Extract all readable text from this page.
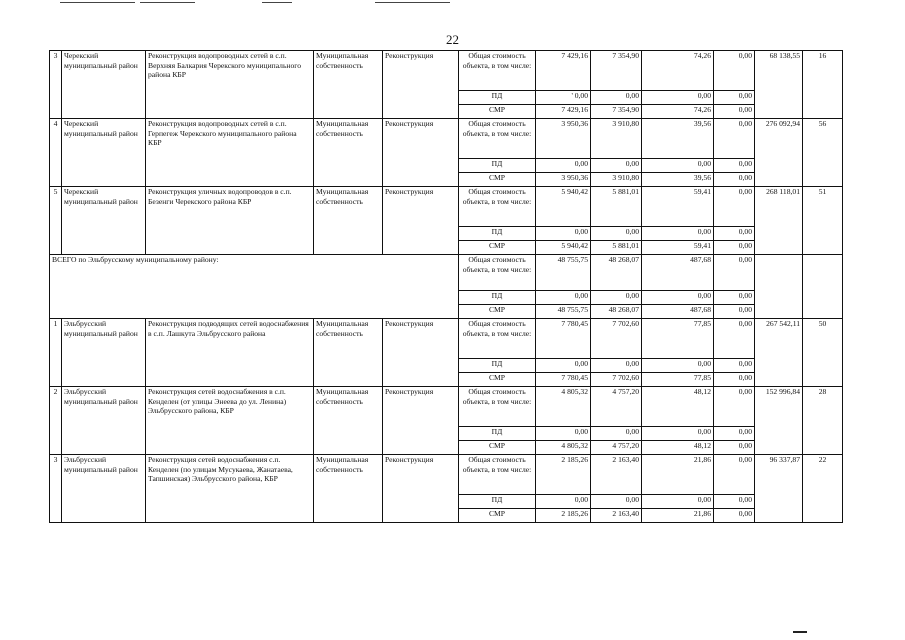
22
3	Черекский муниципальный район	Реконструкция водопроводных сетей в с.п. Верхняя Балкария Черекского муниципального района КБР	Муниципальная собственность	Реконструкция	Общая стоимость объекта, в том числе:	7 429,16	7 354,90	74,26	0,00	68 138,55	16
					ПД	' 0,00	0,00	0,00	0,00		
					СМР	7 429,16	7 354,90	74,26	0,00		
4	Черекский муниципальный район	Реконструкция водопроводных сетей в с.п. Герпегеж Черекского муниципального района КБР	Муниципальная собственность	Реконструкция	Общая стоимость объекта, в том числе:	3 950,36	3 910,80	39,56	0,00	276 092,94	56
					ПД	0,00	0,00	0,00	0,00		
					СМР	3 950,36	3 910,80	39,56	0,00		
5	Черекский муниципальный район	Реконструкция уличных водопроводов в с.п. Безенги Черекского района КБР	Муниципальная собственность	Реконструкция	Общая стоимость объекта, в том числе:	5 940,42	5 881,01	59,41	0,00	268 118,01	51
					ПД	0,00	0,00	0,00	0,00		
					СМР	5 940,42	5 881,01	59,41	0,00		
ВСЕГО по Эльбрусскому муниципальному району:					Общая стоимость объекта, в том числе:	48 755,75	48 268,07	487,68	0,00		
					ПД	0,00	0,00	0,00	0,00		
					СМР	48 755,75	48 268,07	487,68	0,00		
1	Эльбрусский муниципальный район	Реконструкция подводящих сетей водоснабжения в с.п. Лашкута Эльбрусского района	Муниципальная собственность	Реконструкция	Общая стоимость объекта, в том числе:	7 780,45	7 702,60	77,85	0,00	267 542,11	50
					ПД	0,00	0,00	0,00	0,00		
					СМР	7 780,45	7 702,60	77,85	0,00		
2	Эльбрусский муниципальный район	Реконструкция сетей водоснабжения в с.п. Кенделен (от улицы Энеева до ул. Ленина) Эльбрусского района, КБР	Муниципальная собственность	Реконструкция	Общая стоимость объекта, в том числе:	4 805,32	4 757,20	48,12	0,00	152 996,84	28
					ПД	0,00	0,00	0,00	0,00		
					СМР	4 805,32	4 757,20	48,12	0,00		
3	Эльбрусский муниципальный район	Реконструкция сетей водоснабжения с.п. Кенделен (по улицам Мусукаева, Жанатаева, Тапшинская) Эльбрусского района, КБР	Муниципальная собственность	Реконструкция	Общая стоимость объекта, в том числе:	2 185,26	2 163,40	21,86	0,00	96 337,87	22
					ПД	0,00	0,00	0,00	0,00		
					СМР	2 185,26	2 163,40	21,86	0,00		
